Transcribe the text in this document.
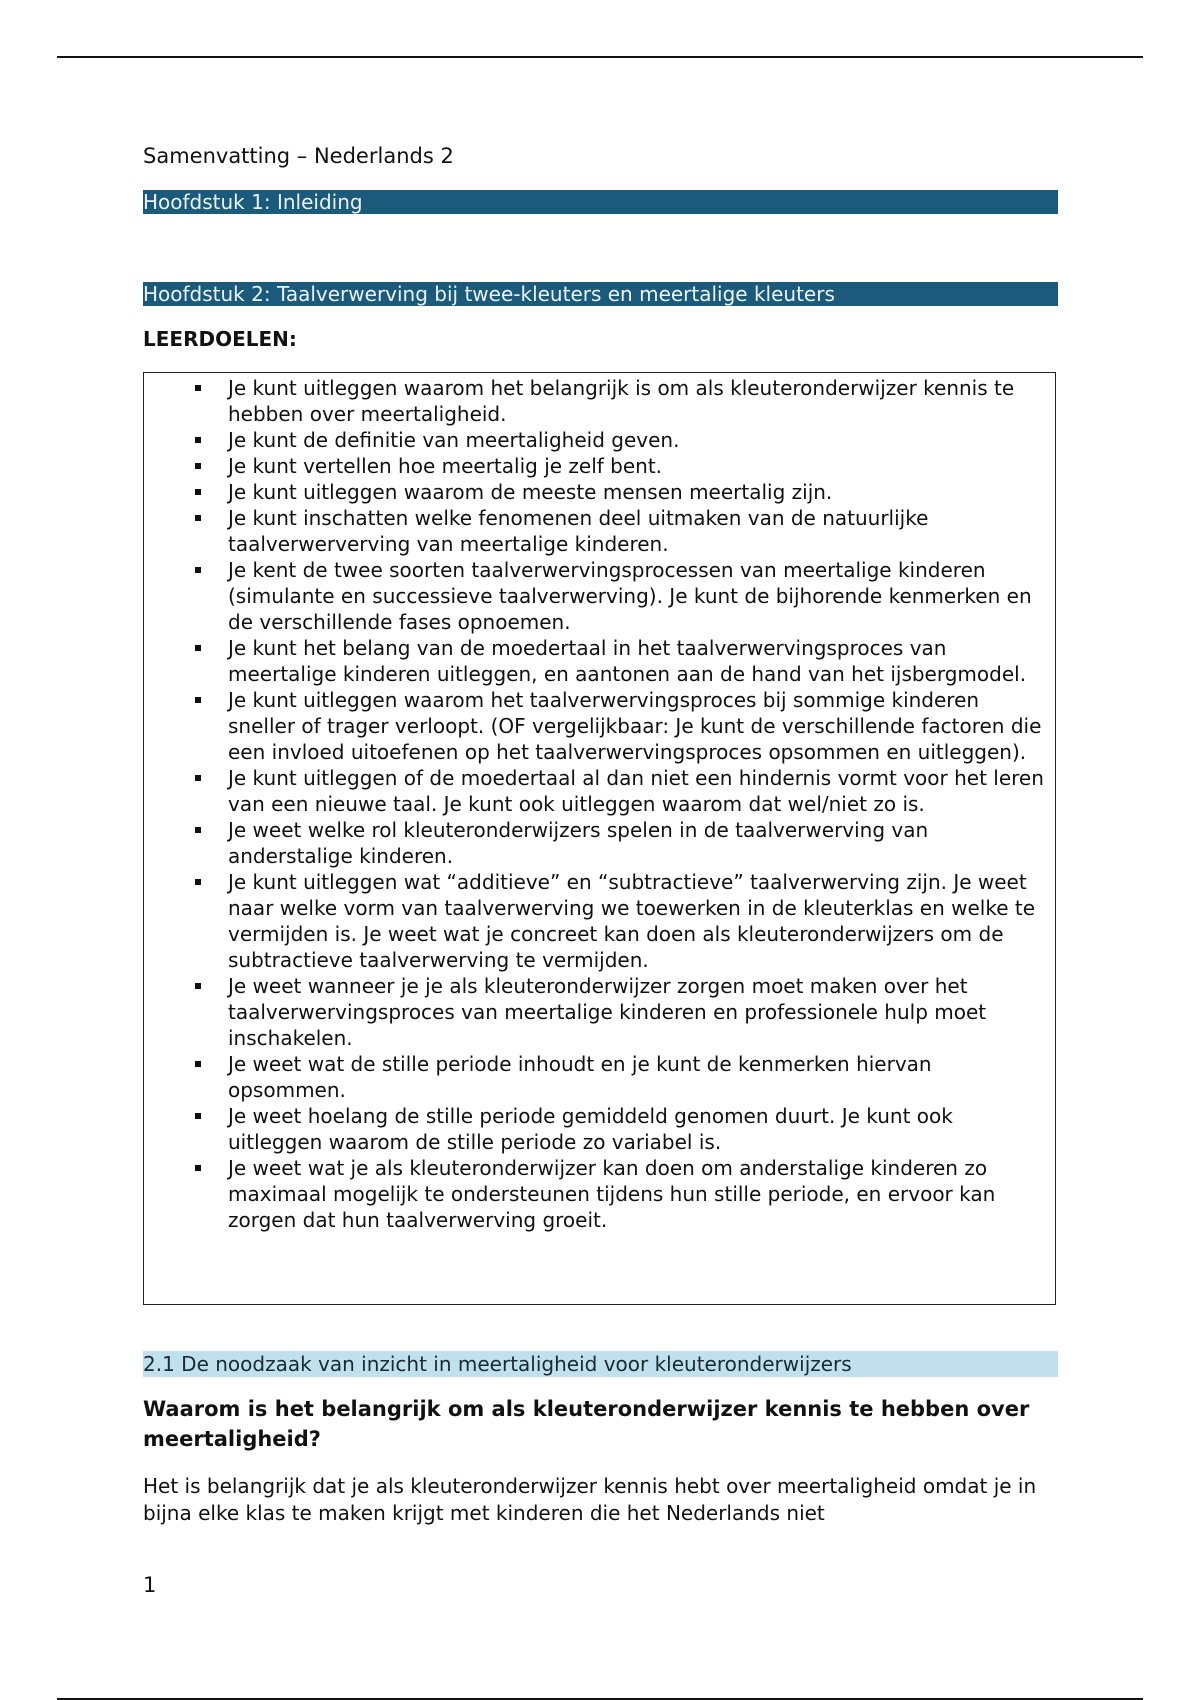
Samenvatting – Nederlands 2
Hoofdstuk 1: Inleiding
Hoofdstuk 2: Taalverwerving bij twee-kleuters en meertalige kleuters
LEERDOELEN:
Je kunt uitleggen waarom het belangrijk is om als kleuteronderwijzer kennis te hebben over meertaligheid.
Je kunt de definitie van meertaligheid geven.
Je kunt vertellen hoe meertalig je zelf bent.
Je kunt uitleggen waarom de meeste mensen meertalig zijn.
Je kunt inschatten welke fenomenen deel uitmaken van de natuurlijke taalverwerverving van meertalige kinderen.
Je kent de twee soorten taalverwervingsprocessen van meertalige kinderen (simulante en successieve taalverwerving). Je kunt de bijhorende kenmerken en de verschillende fases opnoemen.
Je kunt het belang van de moedertaal in het taalverwervingsproces van meertalige kinderen uitleggen, en aantonen aan de hand van het ijsbergmodel.
Je kunt uitleggen waarom het taalverwervingsproces bij sommige kinderen sneller of trager verloopt. (OF vergelijkbaar: Je kunt de verschillende factoren die een invloed uitoefenen op het taalverwervingsproces opsommen en uitleggen).
Je kunt uitleggen of de moedertaal al dan niet een hindernis vormt voor het leren van een nieuwe taal. Je kunt ook uitleggen waarom dat wel/niet zo is.
Je weet welke rol kleuteronderwijzers spelen in de taalverwerving van anderstalige kinderen.
Je kunt uitleggen wat “additieve” en “subtractieve” taalverwerving zijn. Je weet naar welke vorm van taalverwerving we toewerken in de kleuterklas en welke te vermijden is. Je weet wat je concreet kan doen als kleuteronderwijzers om de subtractieve taalverwerving te vermijden.
Je weet wanneer je je als kleuteronderwijzer zorgen moet maken over het taalverwervingsproces van meertalige kinderen en professionele hulp moet inschakelen.
Je weet wat de stille periode inhoudt en je kunt de kenmerken hiervan opsommen.
Je weet hoelang de stille periode gemiddeld genomen duurt. Je kunt ook uitleggen waarom de stille periode zo variabel is.
Je weet wat je als kleuteronderwijzer kan doen om anderstalige kinderen zo maximaal mogelijk te ondersteunen tijdens hun stille periode, en ervoor kan zorgen dat hun taalverwerving groeit.
2.1 De noodzaak van inzicht in meertaligheid voor kleuteronderwijzers
Waarom is het belangrijk om als kleuteronderwijzer kennis te hebben over meertaligheid?
Het is belangrijk dat je als kleuteronderwijzer kennis hebt over meertaligheid omdat je in bijna elke klas te maken krijgt met kinderen die het Nederlands niet
1
